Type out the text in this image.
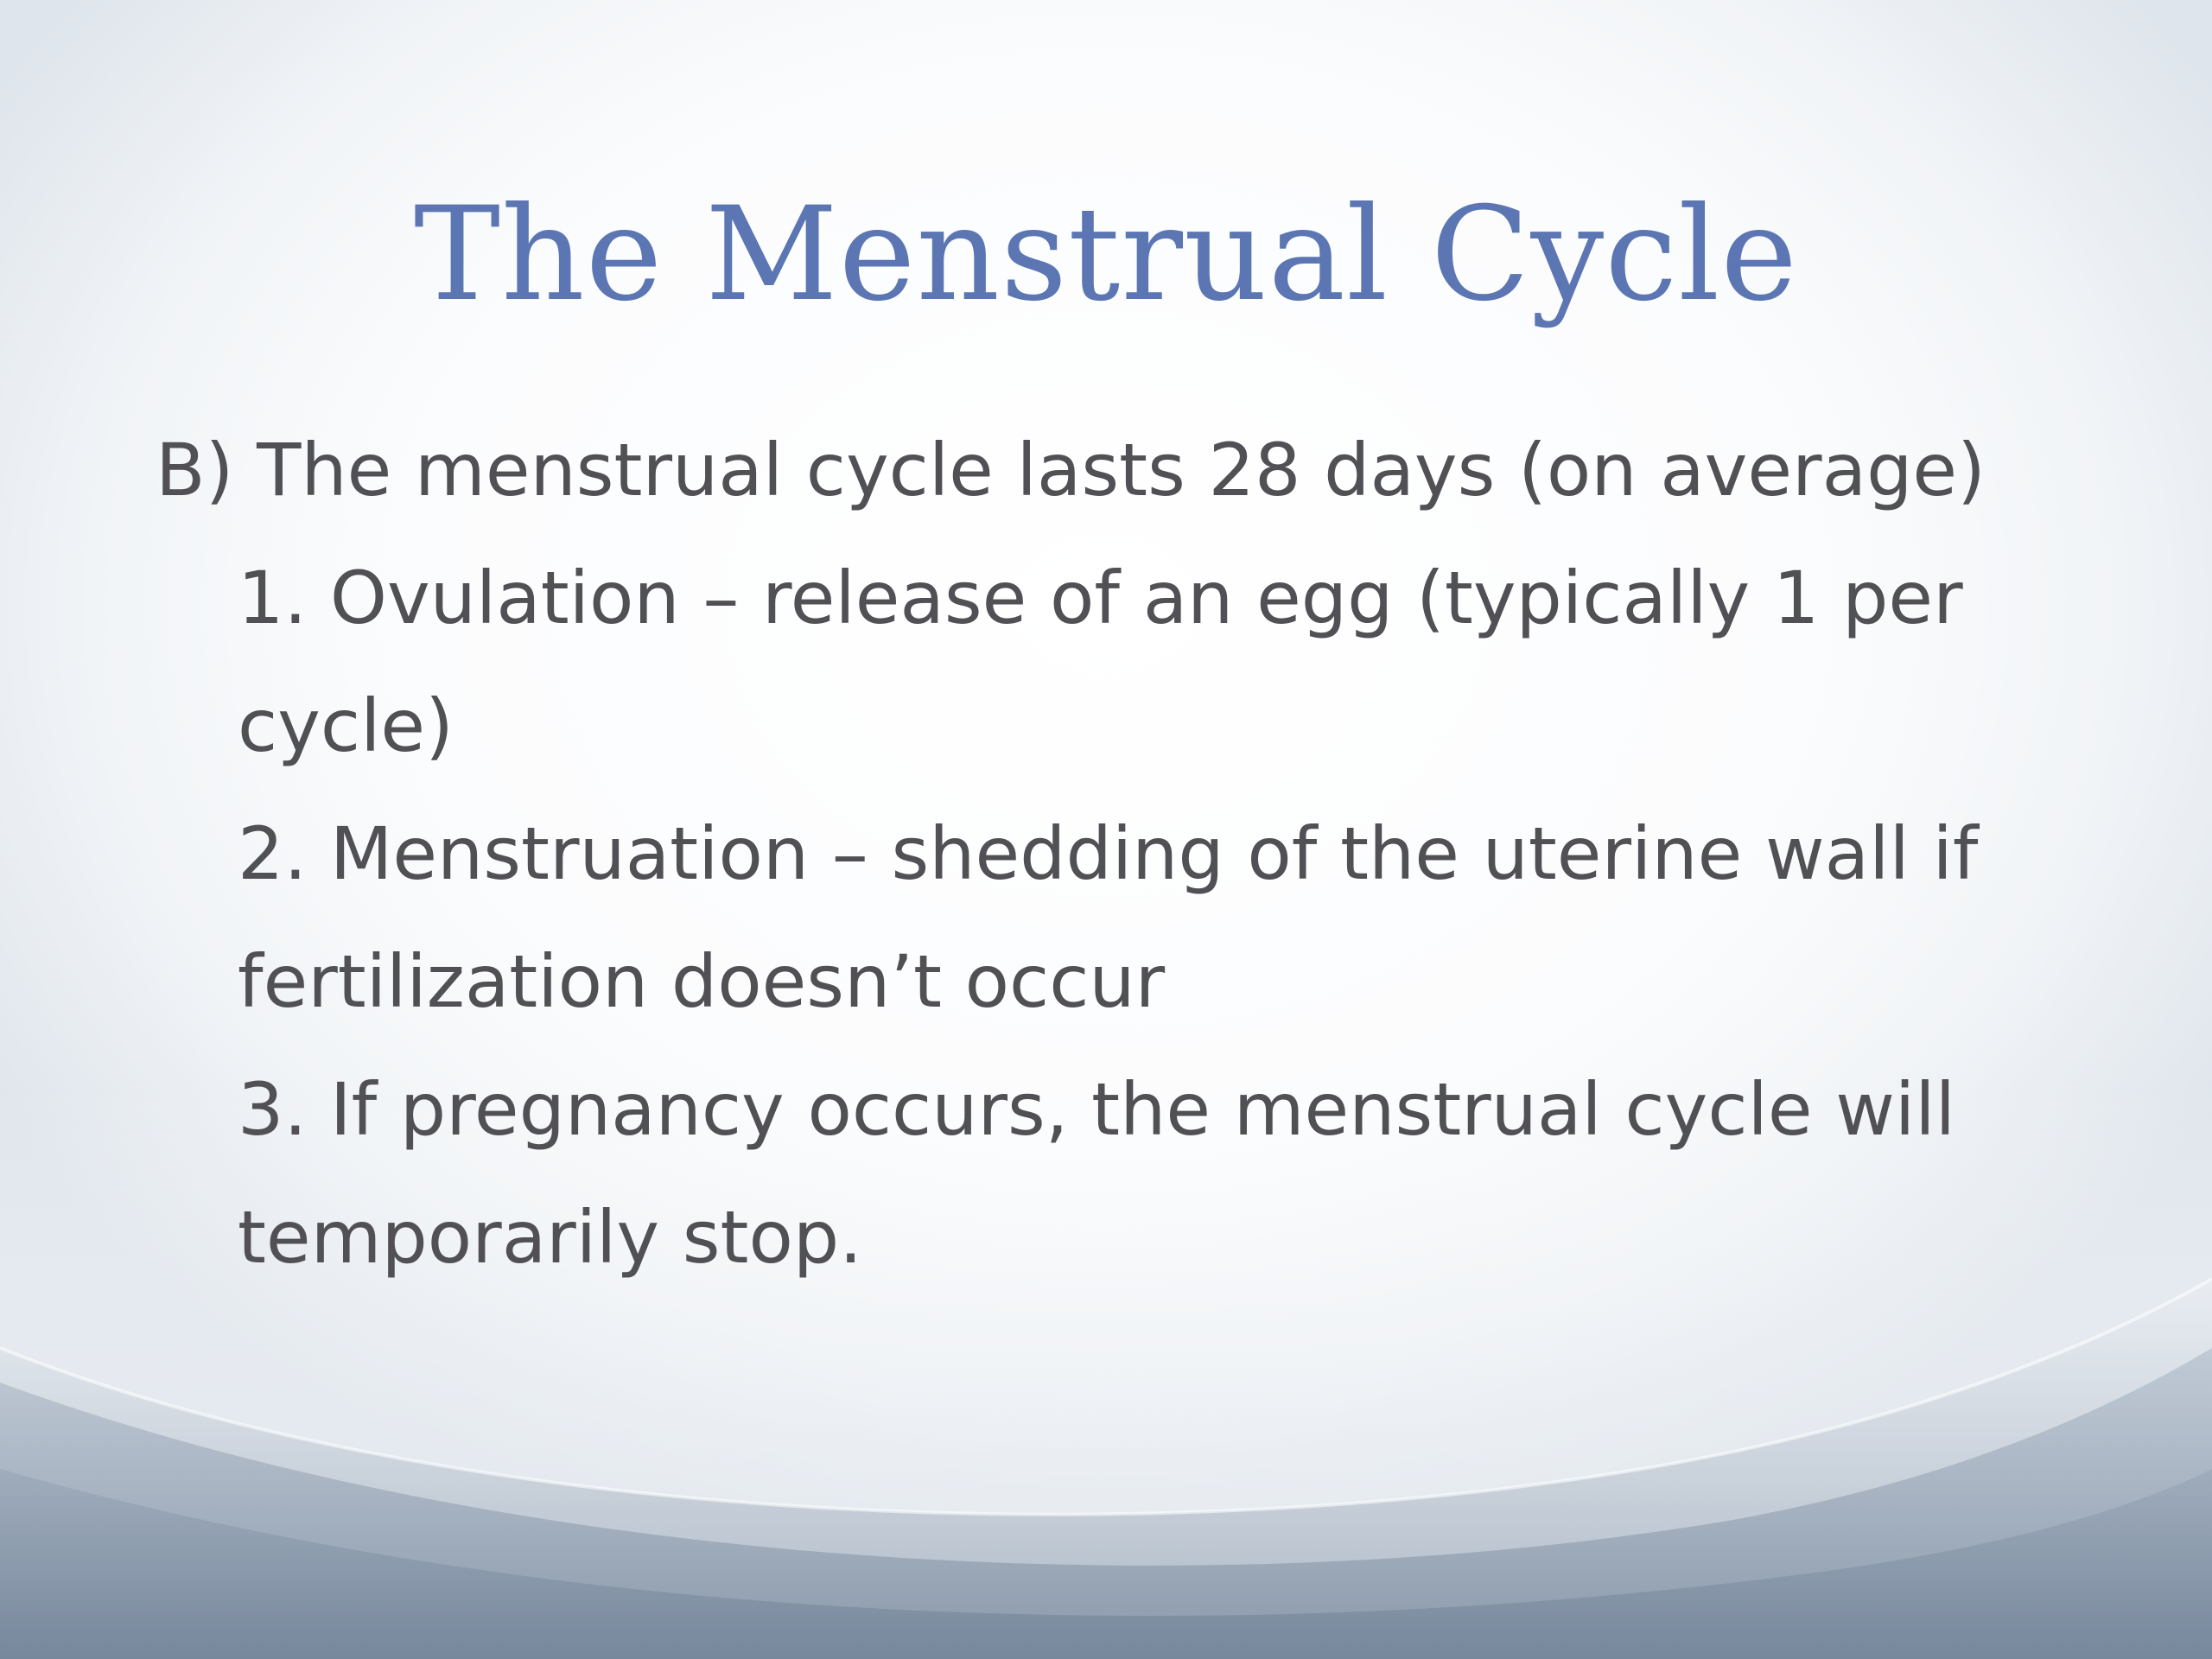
The Menstrual Cycle

B) The menstrual cycle lasts 28 days (on average)

1. Ovulation – release of an egg (typically 1 per cycle)

2. Menstruation – shedding of the uterine wall if fertilization doesn’t occur

3. If pregnancy occurs, the menstrual cycle will temporarily stop.
